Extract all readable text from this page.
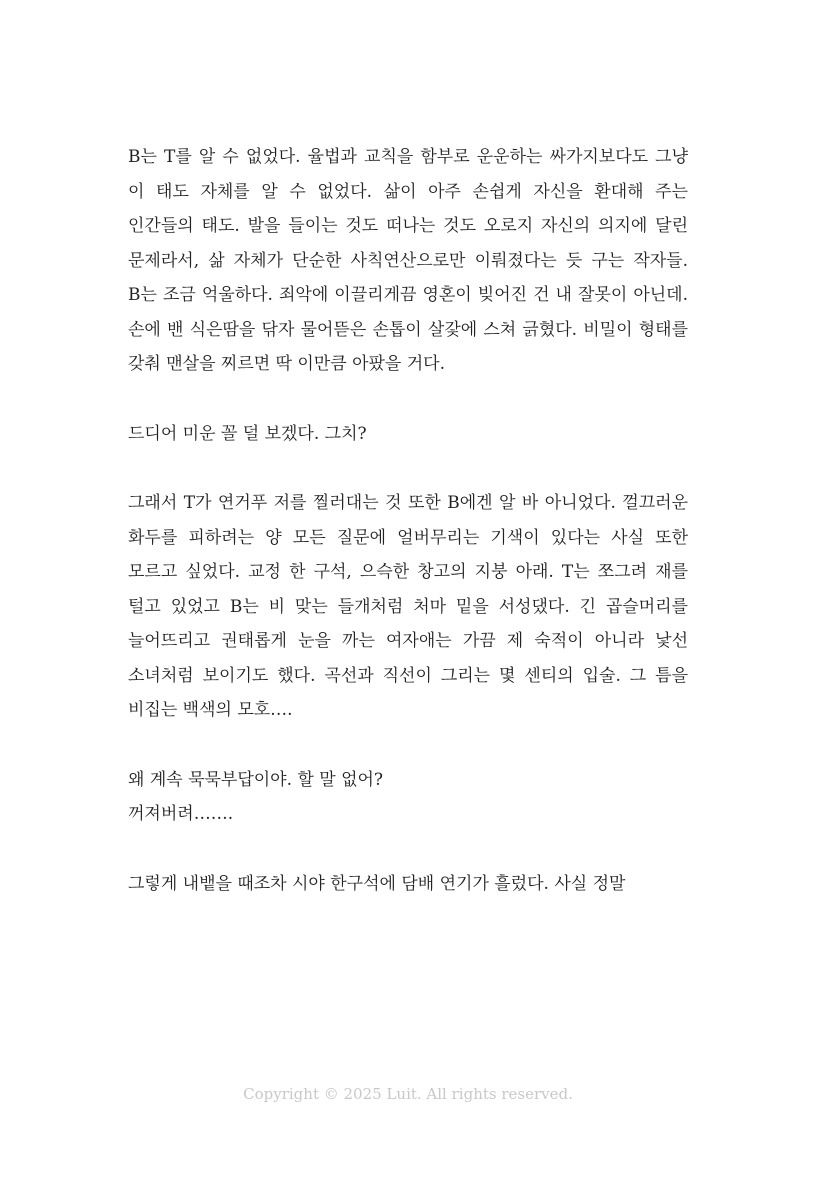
B는 T를 알 수 없었다. 율법과 교칙을 함부로 운운하는 싸가지보다도 그냥 이 태도 자체를 알 수 없었다. 삶이 아주 손쉽게 자신을 환대해 주는 인간들의 태도. 발을 들이는 것도 떠나는 것도 오로지 자신의 의지에 달린 문제라서, 삶 자체가 단순한 사칙연산으로만 이뤄졌다는 듯 구는 작자들. B는 조금 억울하다. 죄악에 이끌리게끔 영혼이 빚어진 건 내 잘못이 아닌데. 손에 밴 식은땀을 닦자 물어뜯은 손톱이 살갗에 스쳐 긁혔다. 비밀이 형태를 갖춰 맨살을 찌르면 딱 이만큼 아팠을 거다.

드디어 미운 꼴 덜 보겠다. 그치?

그래서 T가 연거푸 저를 찔러대는 것 또한 B에겐 알 바 아니었다. 껄끄러운 화두를 피하려는 양 모든 질문에 얼버무리는 기색이 있다는 사실 또한 모르고 싶었다. 교정 한 구석, 으슥한 창고의 지붕 아래. T는 쪼그려 재를 털고 있었고 B는 비 맞는 들개처럼 처마 밑을 서성댔다. 긴 곱슬머리를 늘어뜨리고 권태롭게 눈을 까는 여자애는 가끔 제 숙적이 아니라 낯선 소녀처럼 보이기도 했다. 곡선과 직선이 그리는 몇 센티의 입술. 그 틈을 비집는 백색의 모호….

왜 계속 묵묵부답이야. 할 말 없어?

꺼져버려…….

그렇게 내뱉을 때조차 시야 한구석에 담배 연기가 흘렀다. 사실 정말

Copyright © 2025 Luit. All rights reserved.
